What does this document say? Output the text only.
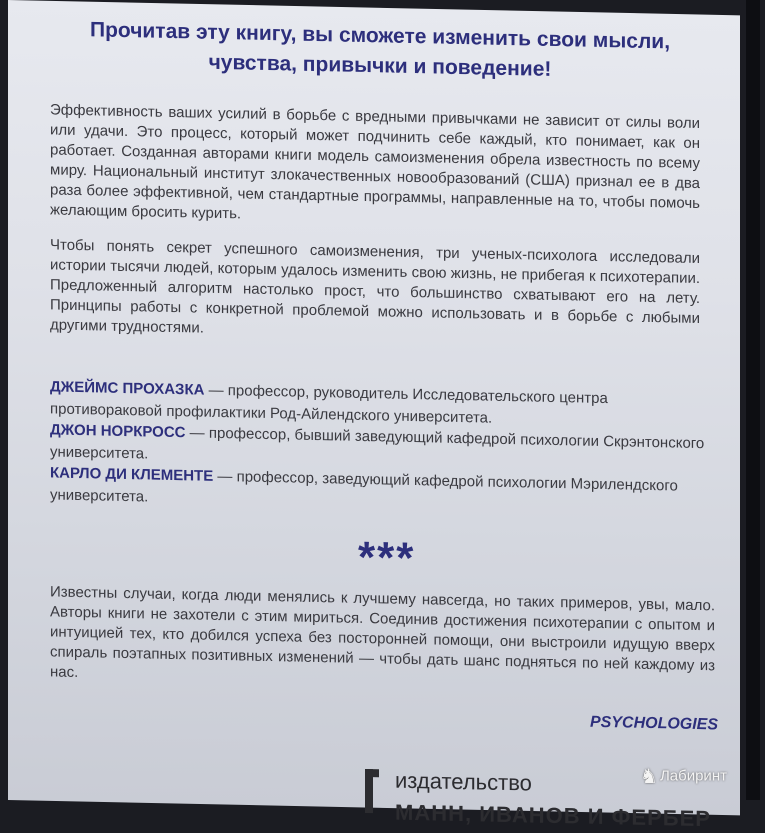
Прочитав эту книгу, вы сможете изменить свои мысли,
чувства, привычки и поведение!
Эффективность ваших усилий в борьбе с вредными привычками не зависит от силы воли или удачи. Это процесс, который может подчинить себе каждый, кто понимает, как он работает. Созданная авторами книги модель самоизменения обрела известность по всему миру. Национальный институт злокачественных новообразований (США) признал ее в два раза более эффективной, чем стандартные программы, направленные на то, чтобы помочь желающим бросить курить.
Чтобы понять секрет успешного самоизменения, три ученых-психолога исследовали истории тысячи людей, которым удалось изменить свою жизнь, не прибегая к психотерапии. Предложенный алгоритм настолько прост, что большинство схватывают его на лету. Принципы работы с конкретной проблемой можно использовать и в борьбе с любыми другими трудностями.
ДЖЕЙМС ПРОХАЗКА — профессор, руководитель Исследовательского центра противораковой профилактики Род-Айлендского университета.
ДЖОН НОРКРОСС — профессор, бывший заведующий кафедрой психологии Скрэнтонского университета.
КАРЛО ДИ КЛЕМЕНТЕ — профессор, заведующий кафедрой психологии Мэрилендского университета.
***
Известны случаи, когда люди менялись к лучшему навсегда, но таких примеров, увы, мало. Авторы книги не захотели с этим мириться. Соединив достижения психотерапии с опытом и интуицией тех, кто добился успеха без посторонней помощи, они выстроили идущую вверх спираль поэтапных позитивных изменений — чтобы дать шанс подняться по ней каждому из нас.
PSYCHOLOGIES
издательство
МАНН, ИВАНОВ И ФЕРБЕР
♞ Лабиринт
